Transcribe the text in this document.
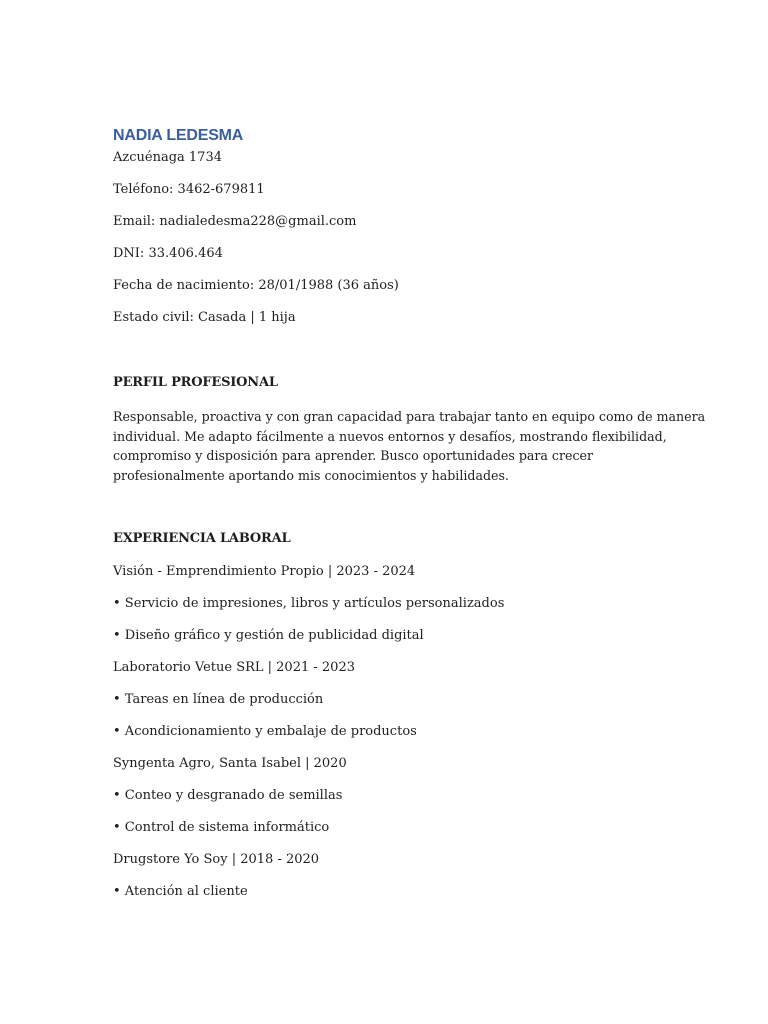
NADIA LEDESMA
Azcuénaga 1734
Teléfono: 3462-679811
Email: nadialedesma228@gmail.com
DNI: 33.406.464
Fecha de nacimiento: 28/01/1988 (36 años)
Estado civil: Casada | 1 hija
PERFIL PROFESIONAL
Responsable, proactiva y con gran capacidad para trabajar tanto en equipo como de manera
individual. Me adapto fácilmente a nuevos entornos y desafíos, mostrando flexibilidad,
compromiso y disposición para aprender. Busco oportunidades para crecer
profesionalmente aportando mis conocimientos y habilidades.
EXPERIENCIA LABORAL
Visión - Emprendimiento Propio | 2023 - 2024
• Servicio de impresiones, libros y artículos personalizados
• Diseño gráfico y gestión de publicidad digital
Laboratorio Vetue SRL | 2021 - 2023
• Tareas en línea de producción
• Acondicionamiento y embalaje de productos
Syngenta Agro, Santa Isabel | 2020
• Conteo y desgranado de semillas
• Control de sistema informático
Drugstore Yo Soy | 2018 - 2020
• Atención al cliente
